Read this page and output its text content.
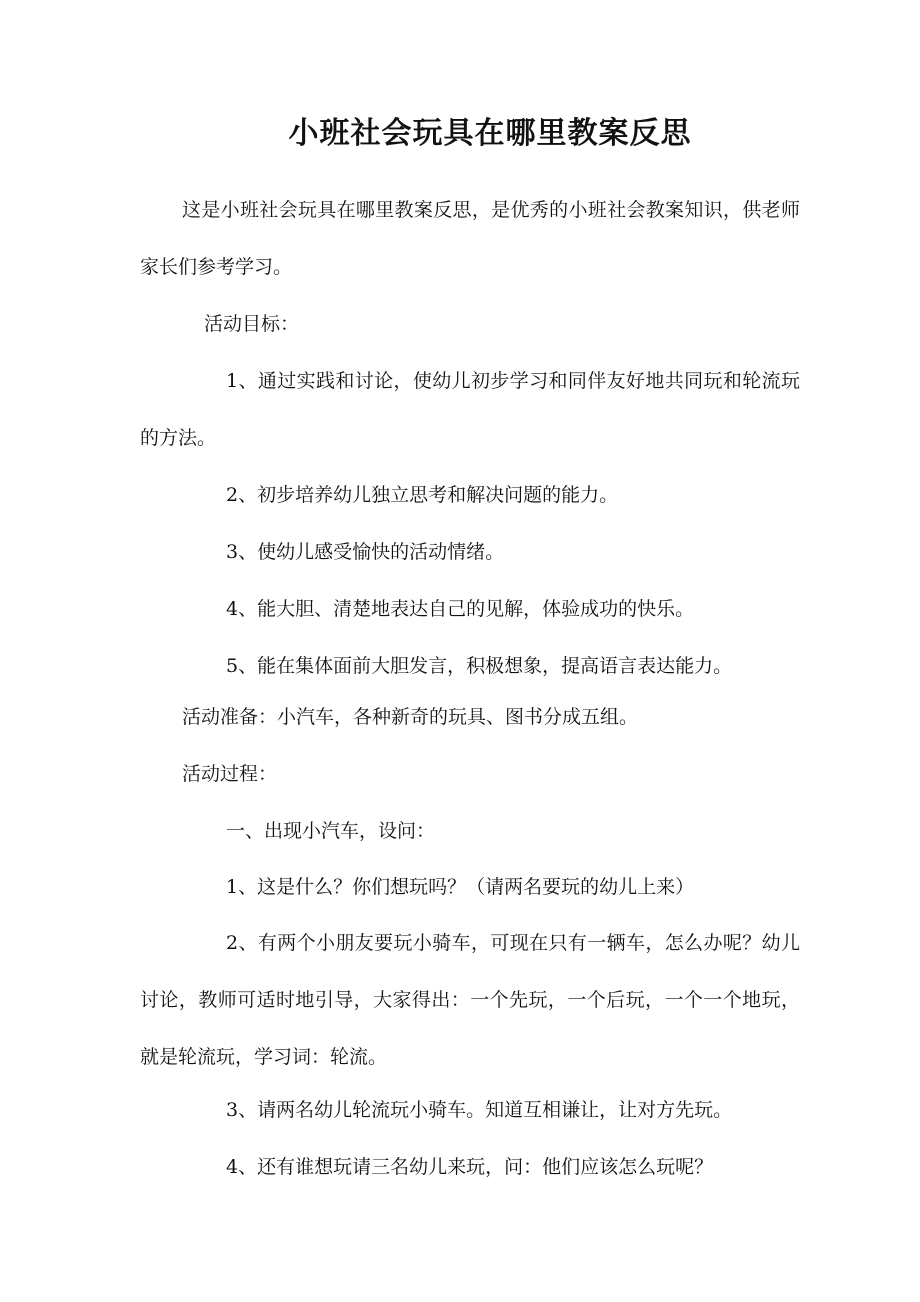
小班社会玩具在哪里教案反思
这是小班社会玩具在哪里教案反思，是优秀的小班社会教案知识，供老师家长们参考学习。
活动目标：
1、通过实践和讨论，使幼儿初步学习和同伴友好地共同玩和轮流玩的方法。
2、初步培养幼儿独立思考和解决问题的能力。
3、使幼儿感受愉快的活动情绪。
4、能大胆、清楚地表达自己的见解，体验成功的快乐。
5、能在集体面前大胆发言，积极想象，提高语言表达能力。
活动准备：小汽车，各种新奇的玩具、图书分成五组。
活动过程：
一、出现小汽车，设问：
1、这是什么？你们想玩吗？（请两名要玩的幼儿上来）
2、有两个小朋友要玩小骑车，可现在只有一辆车，怎么办呢？幼儿讨论，教师可适时地引导，大家得出：一个先玩，一个后玩，一个一个地玩，就是轮流玩，学习词：轮流。
3、请两名幼儿轮流玩小骑车。知道互相谦让，让对方先玩。
4、还有谁想玩请三名幼儿来玩，问：他们应该怎么玩呢？
